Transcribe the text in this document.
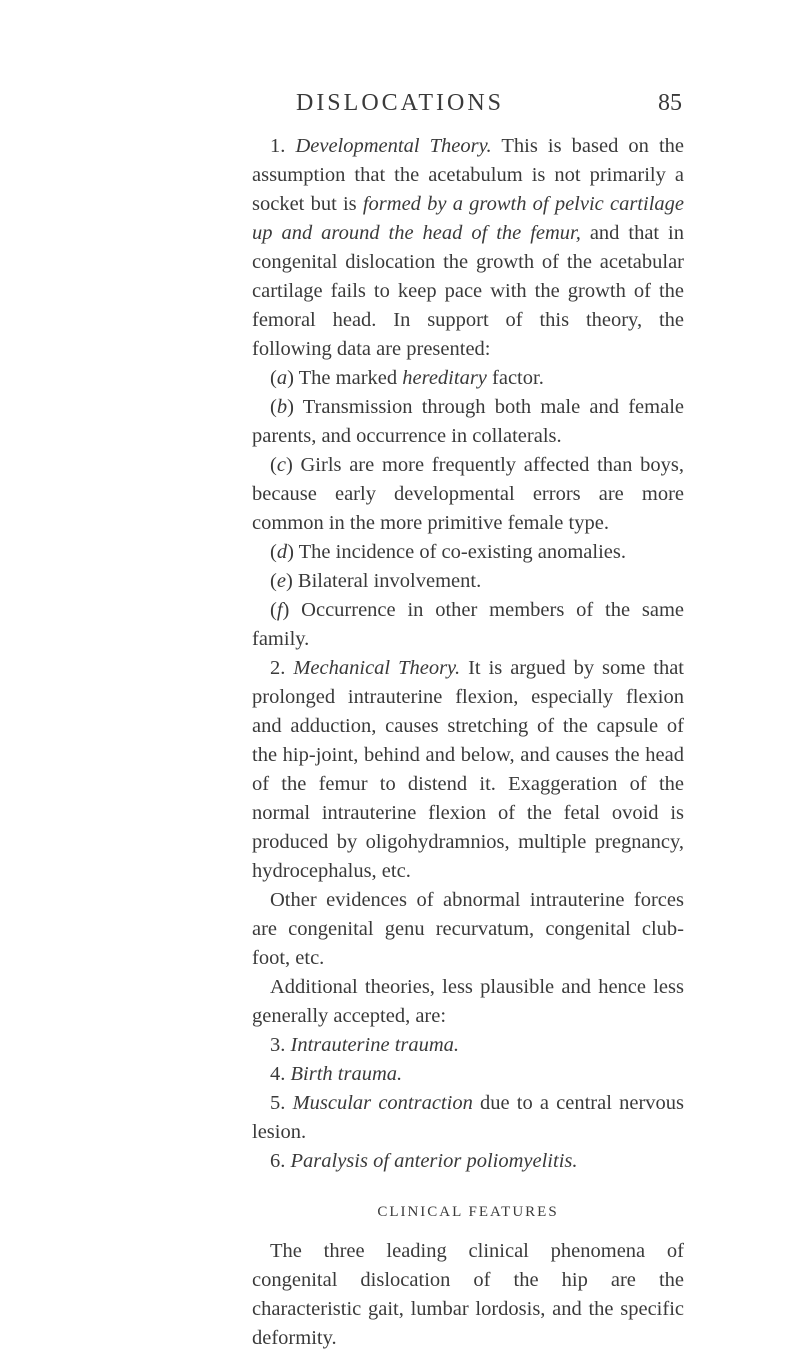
DISLOCATIONS	85

1. Developmental Theory. This is based on the assumption that the acetabulum is not primarily a socket but is formed by a growth of pelvic cartilage up and around the head of the femur, and that in congenital dislocation the growth of the acetabular cartilage fails to keep pace with the growth of the femoral head. In support of this theory, the following data are presented:

(a) The marked hereditary factor.

(b) Transmission through both male and female parents, and occurrence in collaterals.

(c) Girls are more frequently affected than boys, because early developmental errors are more common in the more primitive female type.

(d) The incidence of co-existing anomalies.

(e) Bilateral involvement.

(f) Occurrence in other members of the same family.

2. Mechanical Theory. It is argued by some that prolonged intrauterine flexion, especially flexion and adduction, causes stretching of the capsule of the hip-joint, behind and below, and causes the head of the femur to distend it. Exaggeration of the normal intrauterine flexion of the fetal ovoid is produced by oligohydramnios, multiple pregnancy, hydrocephalus, etc.

Other evidences of abnormal intrauterine forces are congenital genu recurvatum, congenital club-foot, etc.

Additional theories, less plausible and hence less generally accepted, are:

3. Intrauterine trauma.

4. Birth trauma.

5. Muscular contraction due to a central nervous lesion.

6. Paralysis of anterior poliomyelitis.

CLINICAL FEATURES

The three leading clinical phenomena of congenital dislocation of the hip are the characteristic gait, lumbar lordosis, and the specific deformity.
